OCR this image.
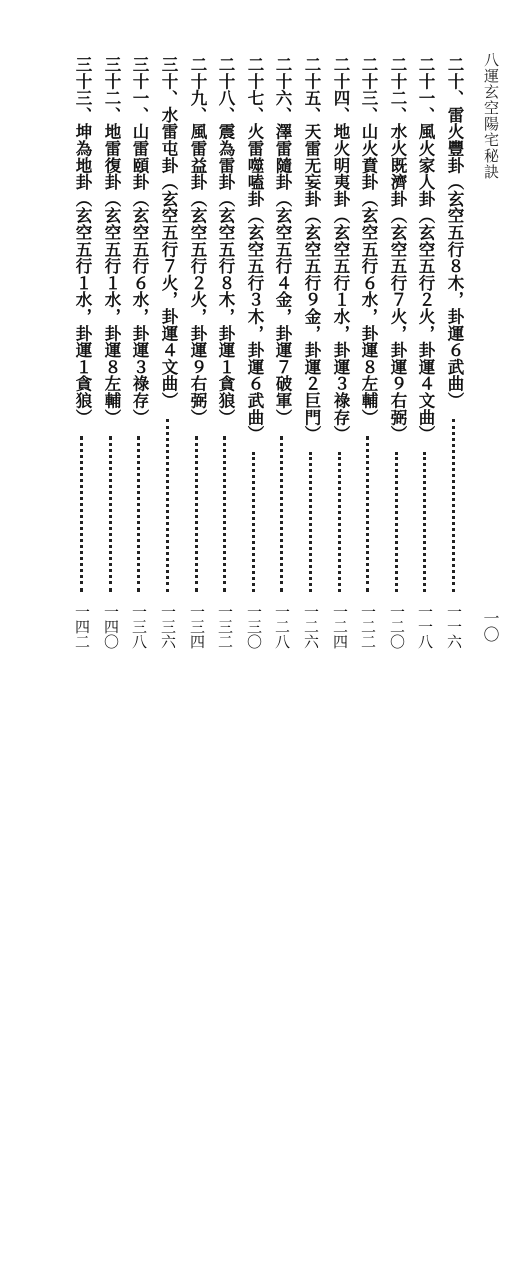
八運玄空陽宅秘訣
一〇
二十、雷火豐卦（玄空五行８木，卦運６武曲）
一一六
二十一、風火家人卦（玄空五行２火，卦運４文曲）
一一八
二十二、水火既濟卦（玄空五行７火，卦運９右弼）
一二〇
二十三、山火賁卦（玄空五行６水，卦運８左輔）
一二二
二十四、地火明夷卦（玄空五行１水，卦運３祿存）
一二四
二十五、天雷无妄卦（玄空五行９金，卦運２巨門）
一二六
二十六、澤雷隨卦（玄空五行４金，卦運７破軍）
一二八
二十七、火雷噬嗑卦（玄空五行３木，卦運６武曲）
一三〇
二十八、震為雷卦（玄空五行８木，卦運１貪狼）
一三二
二十九、風雷益卦（玄空五行２火，卦運９右弼）
一三四
三十、水雷屯卦（玄空五行７火，卦運４文曲）
一三六
三十一、山雷頤卦（玄空五行６水，卦運３祿存）
一三八
三十二、地雷復卦（玄空五行１水，卦運８左輔）
一四〇
三十三、坤為地卦（玄空五行１水，卦運１貪狼）
一四二
